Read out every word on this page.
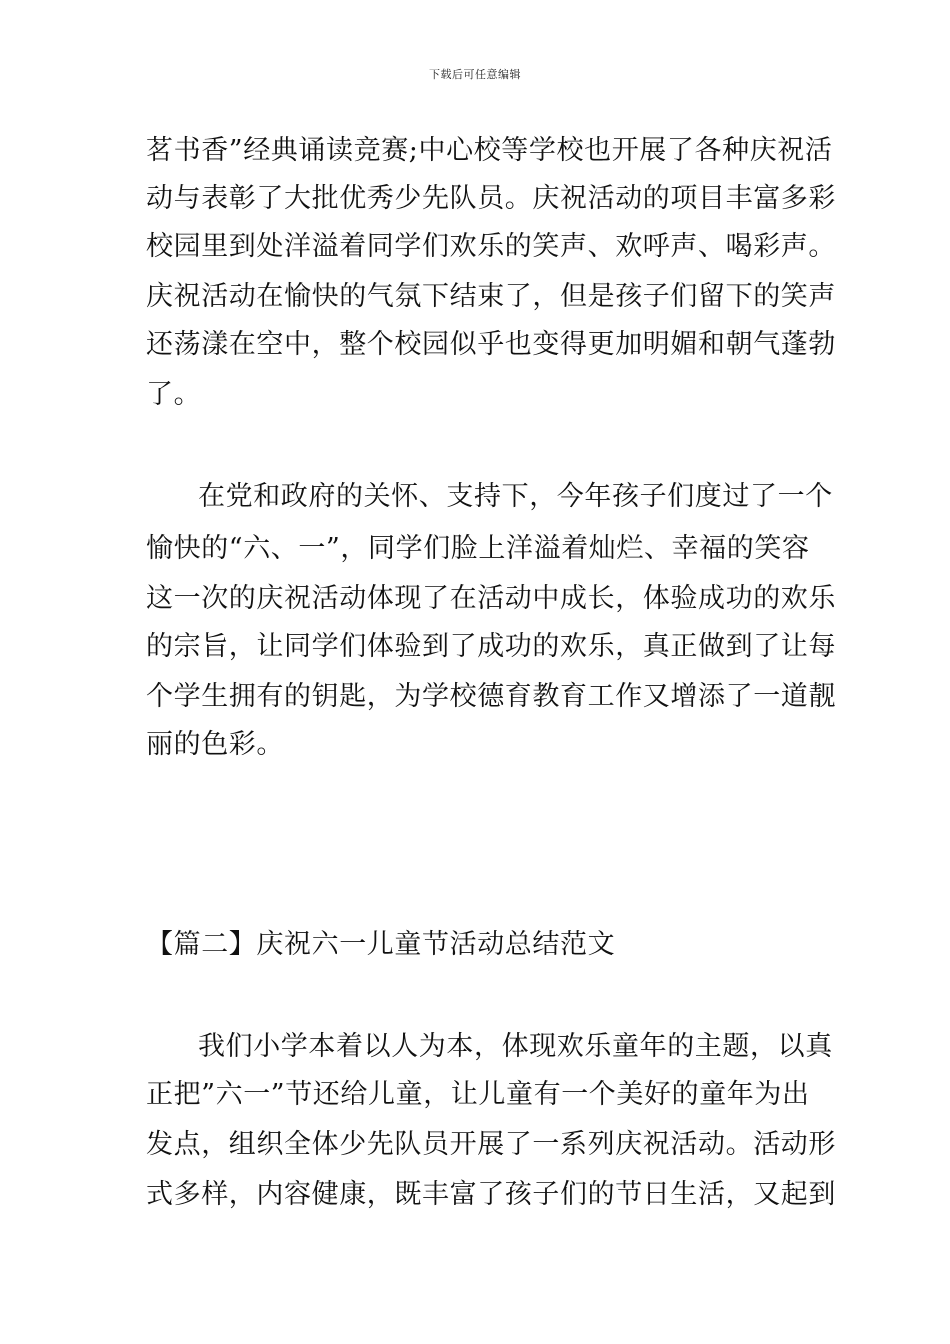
下载后可任意编辑
茗书香”经典诵读竞赛;中心校等学校也开展了各种庆祝活
动与表彰了大批优秀少先队员。庆祝活动的项目丰富多彩
校园里到处洋溢着同学们欢乐的笑声、欢呼声、喝彩声。
庆祝活动在愉快的气氛下结束了，但是孩子们留下的笑声
还荡漾在空中，整个校园似乎也变得更加明媚和朝气蓬勃
了。
在党和政府的关怀、支持下，今年孩子们度过了一个
愉快的“六、一”，同学们脸上洋溢着灿烂、幸福的笑容
这一次的庆祝活动体现了在活动中成长，体验成功的欢乐
的宗旨，让同学们体验到了成功的欢乐，真正做到了让每
个学生拥有的钥匙，为学校德育教育工作又增添了一道靓
丽的色彩。
【篇二】庆祝六一儿童节活动总结范文
我们小学本着以人为本，体现欢乐童年的主题，以真
正把”六一”节还给儿童，让儿童有一个美好的童年为出
发点，组织全体少先队员开展了一系列庆祝活动。活动形
式多样，内容健康，既丰富了孩子们的节日生活，又起到
